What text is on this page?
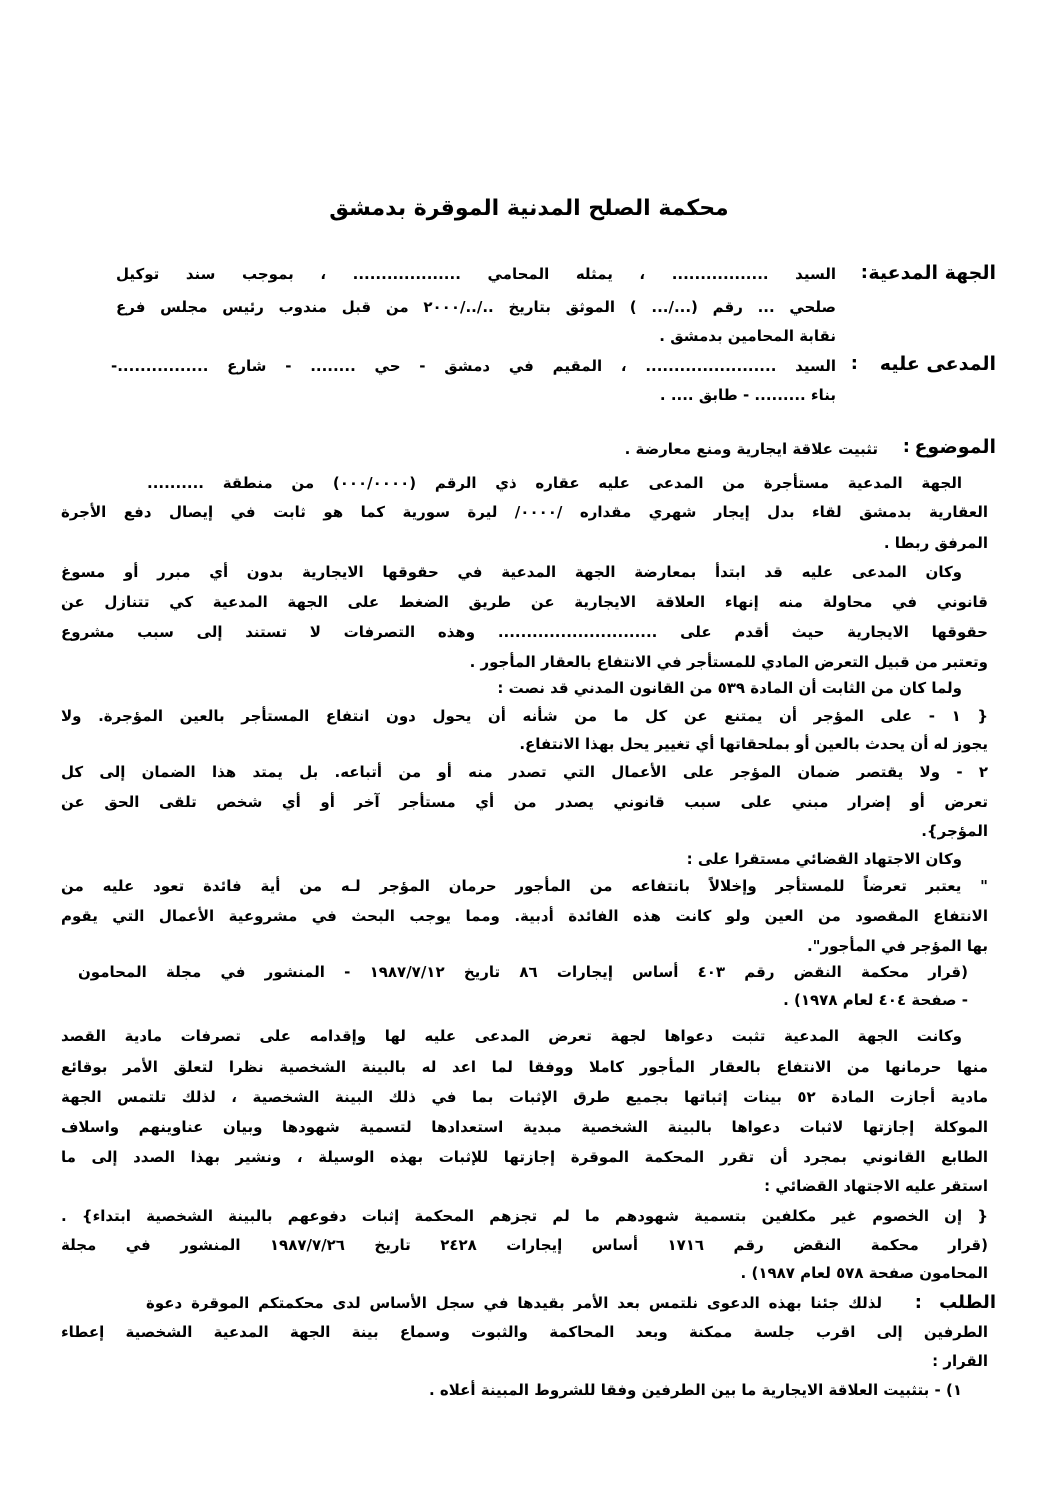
محكمة الصلح المدنية الموقرة بدمشق
الجهة المدعية
:
السيد ................. ، يمثله المحامي ................... ، بموجب سند توكيل
صلحي ... رقم (.../... ) الموثق بتاريخ ../../٢٠٠٠ من قبل مندوب رئيس مجلس فرع
نقابة المحامين بدمشق .
المدعى عليه
:
السيد ....................... ، المقيم في دمشق - حي ........ - شارع ................-
بناء ......... - طابق .... .
الموضوع
:
تثبيت علاقة ايجارية ومنع معارضة .
الجهة المدعية مستأجرة من المدعى عليه عقاره ذي الرقم (٠٠٠/٠٠٠٠) من منطقة ..........
العقارية بدمشق لقاء بدل إيجار شهري مقداره /٠٠٠٠/ ليرة سورية كما هو ثابت في إيصال دفع الأجرة
المرفق ربطا .
وكان المدعى عليه قد ابتدأ بمعارضة الجهة المدعية في حقوقها الايجارية بدون أي مبرر أو مسوغ
قانوني في محاولة منه إنهاء العلاقة الايجارية عن طريق الضغط على الجهة المدعية كي تتنازل عن
حقوقها الايجارية حيث أقدم على ............................ وهذه التصرفات لا تستند إلى سبب مشروع
وتعتبر من قبيل التعرض المادي للمستأجر في الانتفاع بالعقار المأجور .
ولما كان من الثابت أن المادة ٥٣٩ من القانون المدني قد نصت :
{ ١ - على المؤجر أن يمتنع عن كل ما من شأنه أن يحول دون انتفاع المستأجر بالعين المؤجرة. ولا
يجوز له أن يحدث بالعين أو بملحقاتها أي تغيير يحل بهذا الانتفاع.
٢ - ولا يقتصر ضمان المؤجر على الأعمال التي تصدر منه أو من أتباعه. بل يمتد هذا الضمان إلى كل
تعرض أو إضرار مبني على سبب قانوني يصدر من أي مستأجر آخر أو أي شخص تلقى الحق عن
المؤجر}.
وكان الاجتهاد القضائي مستقرا على :
" يعتبر تعرضاً للمستأجر وإخلالاً بانتفاعه من المأجور حرمان المؤجر لـه من أية فائدة تعود عليه من
الانتفاع المقصود من العين ولو كانت هذه الفائدة أدبية. ومما يوجب البحث في مشروعية الأعمال التي يقوم
بها المؤجر في المأجور".
(قرار محكمة النقض رقم ٤٠٣ أساس إيجارات ٨٦ تاريخ ١٩٨٧/٧/١٢ - المنشور في مجلة المحامون
- صفحة ٤٠٤ لعام ١٩٧٨) .
وكانت الجهة المدعية تثبت دعواها لجهة تعرض المدعى عليه لها وإقدامه على تصرفات مادية القصد
منها حرمانها من الانتفاع بالعقار المأجور كاملا ووفقا لما اعد له بالبينة الشخصية نظرا لتعلق الأمر بوقائع
مادية أجازت المادة ٥٢ بينات إثباتها بجميع طرق الإثبات بما في ذلك البينة الشخصية ، لذلك تلتمس الجهة
الموكلة إجازتها لاثبات دعواها بالبينة الشخصية مبدية استعدادها لتسمية شهودها وبيان عناوينهم واسلاف
الطابع القانوني بمجرد أن تقرر المحكمة الموقرة إجازتها للإثبات بهذه الوسيلة ، ونشير بهذا الصدد إلى ما
استقر عليه الاجتهاد القضائي :
{ إن الخصوم غير مكلفين بتسمية شهودهم ما لم تجزهم المحكمة إثبات دفوعهم بالبينة الشخصية ابتداء} .
(قرار محكمة النقض رقم ١٧١٦ أساس إيجارات ٢٤٢٨ تاريخ ١٩٨٧/٧/٢٦ المنشور في مجلة
المحامون صفحة ٥٧٨ لعام ١٩٨٧) .
الطلب
:
لذلك جئنا بهذه الدعوى نلتمس بعد الأمر بقيدها في سجل الأساس لدى محكمتكم الموقرة دعوة
الطرفين إلى اقرب جلسة ممكنة وبعد المحاكمة والثبوت وسماع بينة الجهة المدعية الشخصية إعطاء
القرار :
١) - بتثبيت العلاقة الايجارية ما بين الطرفين وفقا للشروط المبينة أعلاه .
